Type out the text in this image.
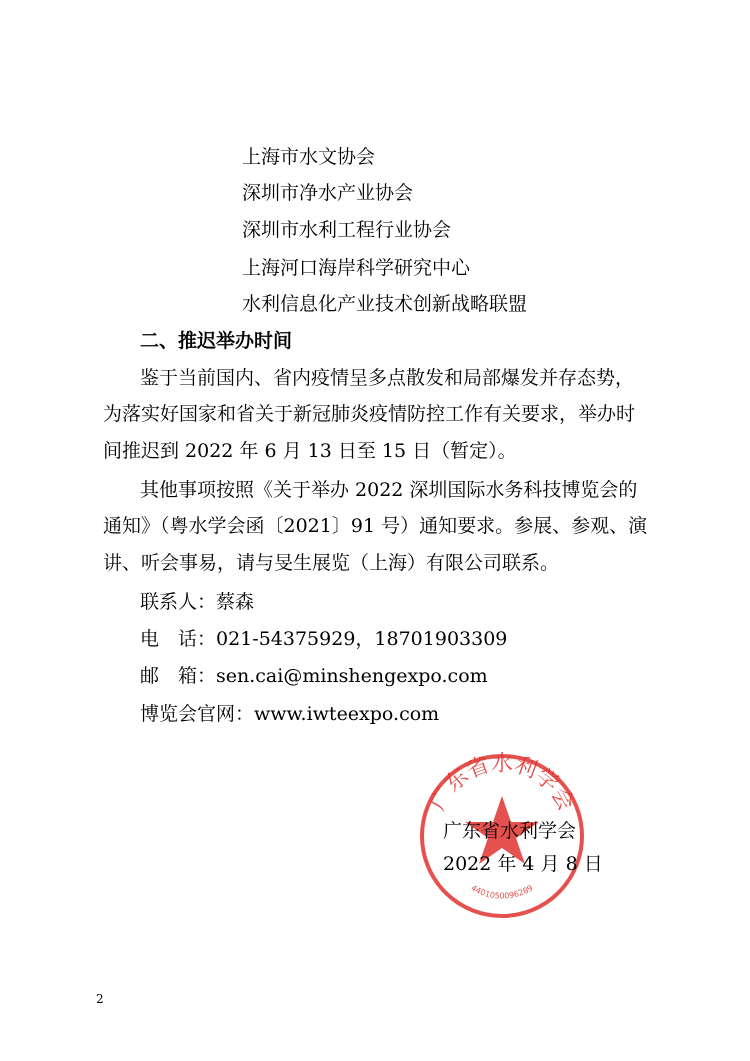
上海市水文协会
深圳市净水产业协会
深圳市水利工程行业协会
上海河口海岸科学研究中心
水利信息化产业技术创新战略联盟
二、推迟举办时间
鉴于当前国内、省内疫情呈多点散发和局部爆发并存态势，
为落实好国家和省关于新冠肺炎疫情防控工作有关要求，举办时
间推迟到 2022 年 6 月 13 日至 15 日（暂定）。
其他事项按照《关于举办 2022 深圳国际水务科技博览会的
通知》（粤水学会函〔2021〕91 号）通知要求。参展、参观、演
讲、听会事易，请与旻生展览（上海）有限公司联系。
联系人：蔡森
电　话：021-54375929，18701903309
邮　箱：sen.cai@minshengexpo.com
博览会官网：www.iwteexpo.com
广东省水利学会
4401050096289
广东省水利学会
2022 年 4 月 8 日
2
